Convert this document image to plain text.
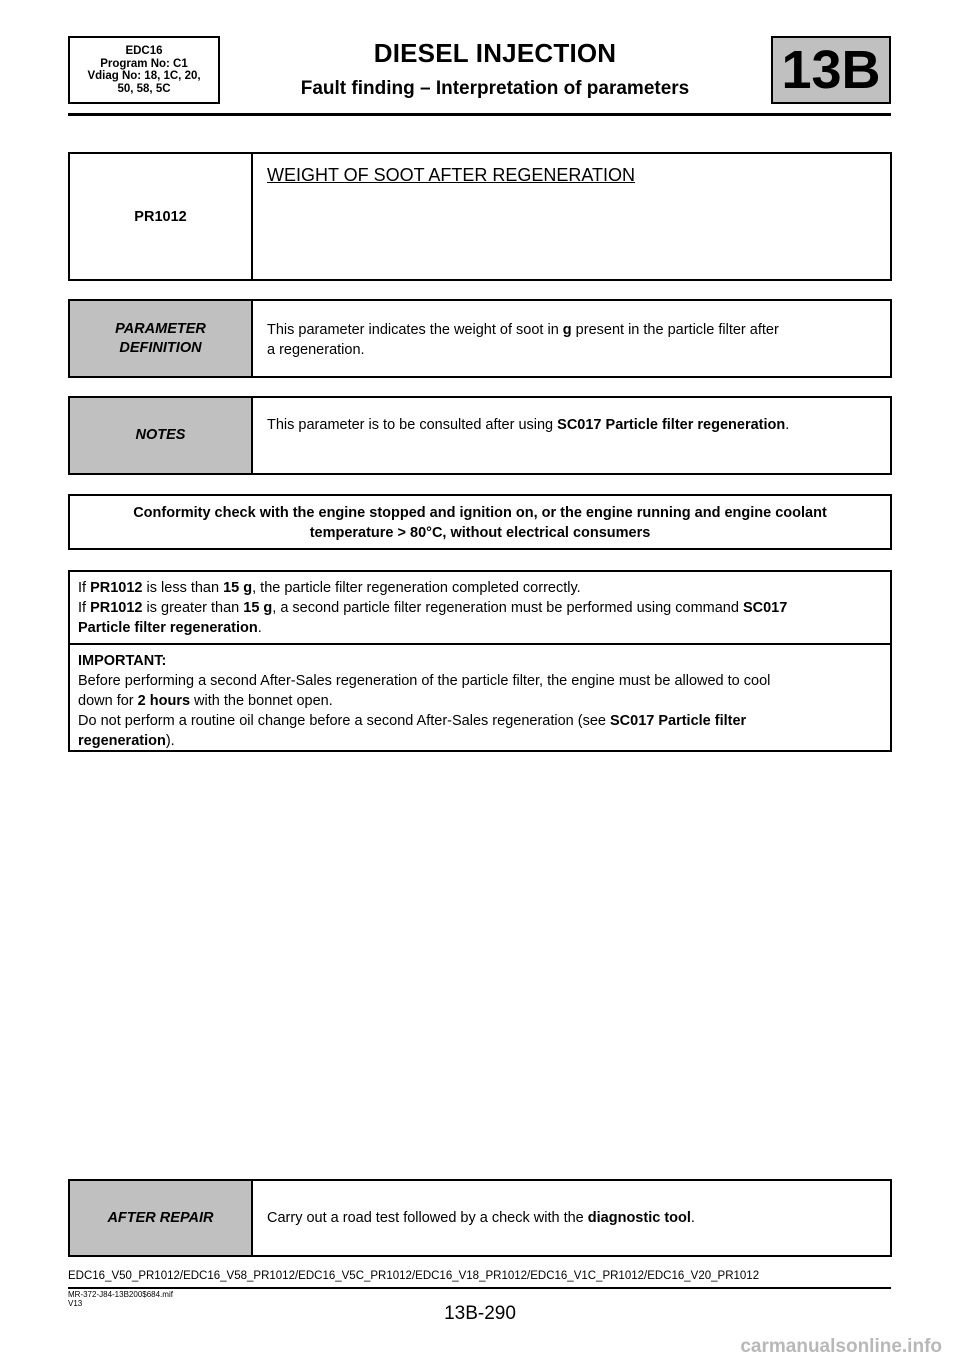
EDC16
Program No: C1
Vdiag No: 18, 1C, 20,
50, 58, 5C
DIESEL INJECTION
Fault finding – Interpretation of parameters	13B
PR1012
WEIGHT OF SOOT AFTER REGENERATION
PARAMETER
DEFINITION
This parameter indicates the weight of soot in g present in the particle filter after
a regeneration.
NOTES
This parameter is to be consulted after using SC017 Particle filter regeneration.
Conformity check with the engine stopped and ignition on, or the engine running and engine coolant
temperature > 80°C, without electrical consumers
If PR1012 is less than 15 g, the particle filter regeneration completed correctly.
If PR1012 is greater than 15 g, a second particle filter regeneration must be performed using command SC017
Particle filter regeneration.
IMPORTANT:
Before performing a second After-Sales regeneration of the particle filter, the engine must be allowed to cool
down for 2 hours with the bonnet open.
Do not perform a routine oil change before a second After-Sales regeneration (see SC017 Particle filter
regeneration).
AFTER REPAIR	Carry out a road test followed by a check with the diagnostic tool.
EDC16_V50_PR1012/EDC16_V58_PR1012/EDC16_V5C_PR1012/EDC16_V18_PR1012/EDC16_V1C_PR1012/EDC16_V20_PR1012
MR-372-J84-13B200$684.mif
V13	13B-290
carmanualsonline.info
